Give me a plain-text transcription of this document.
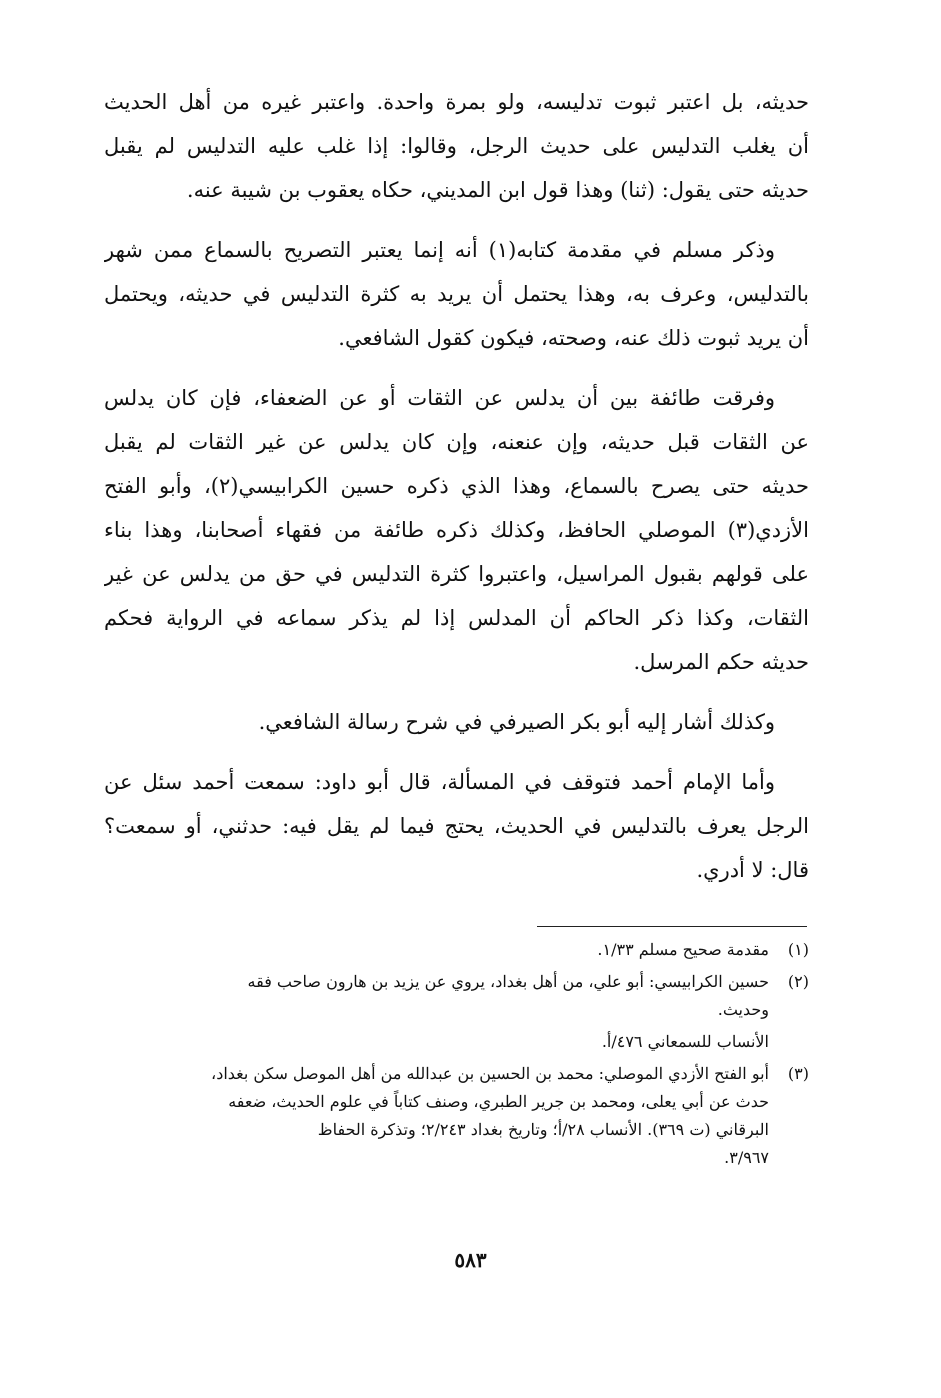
حديثه، بل اعتبر ثبوت تدليسه، ولو بمرة واحدة. واعتبر غيره من أهل الحديث
أن يغلب التدليس على حديث الرجل، وقالوا: إذا غلب عليه التدليس لم يقبل
حديثه حتى يقول: (ثنا) وهذا قول ابن المديني، حكاه يعقوب بن شيبة عنه.

وذكر مسلم في مقدمة كتابه(١) أنه إنما يعتبر التصريح بالسماع ممن شهر
بالتدليس، وعرف به، وهذا يحتمل أن يريد به كثرة التدليس في حديثه، ويحتمل
أن يريد ثبوت ذلك عنه، وصحته، فيكون كقول الشافعي.

وفرقت طائفة بين أن يدلس عن الثقات أو عن الضعفاء، فإن كان يدلس
عن الثقات قبل حديثه، وإن عنعنه، وإن كان يدلس عن غير الثقات لم يقبل
حديثه حتى يصرح بالسماع، وهذا الذي ذكره حسين الكرابيسي(٢)، وأبو الفتح
الأزدي(٣) الموصلي الحافظ، وكذلك ذكره طائفة من فقهاء أصحابنا، وهذا بناء
على قولهم بقبول المراسيل، واعتبروا كثرة التدليس في حق من يدلس عن غير
الثقات، وكذا ذكر الحاكم أن المدلس إذا لم يذكر سماعه في الرواية فحكم
حديثه حكم المرسل.

وكذلك أشار إليه أبو بكر الصيرفي في شرح رسالة الشافعي.

وأما الإمام أحمد فتوقف في المسألة، قال أبو داود: سمعت أحمد سئل عن
الرجل يعرف بالتدليس في الحديث، يحتج فيما لم يقل فيه: حدثني، أو سمعت؟
قال: لا أدري.

(١)
مقدمة صحيح مسلم ١/٣٣.
(٢)
حسين الكرابيسي: أبو علي، من أهل بغداد، يروي عن يزيد بن هارون صاحب فقه
وحديث.
الأنساب للسمعاني ٤٧٦/أ.
(٣)
أبو الفتح الأزدي الموصلي: محمد بن الحسين بن عبدالله من أهل الموصل سكن بغداد،
حدث عن أبي يعلى، ومحمد بن جرير الطبري، وصنف كتاباً في علوم الحديث، ضعفه
البرقاني (ت ٣٦٩). الأنساب ٢٨/أ؛ وتاريخ بغداد ٢/٢٤٣؛ وتذكرة الحفاظ
٣/٩٦٧.
٥٨٣
